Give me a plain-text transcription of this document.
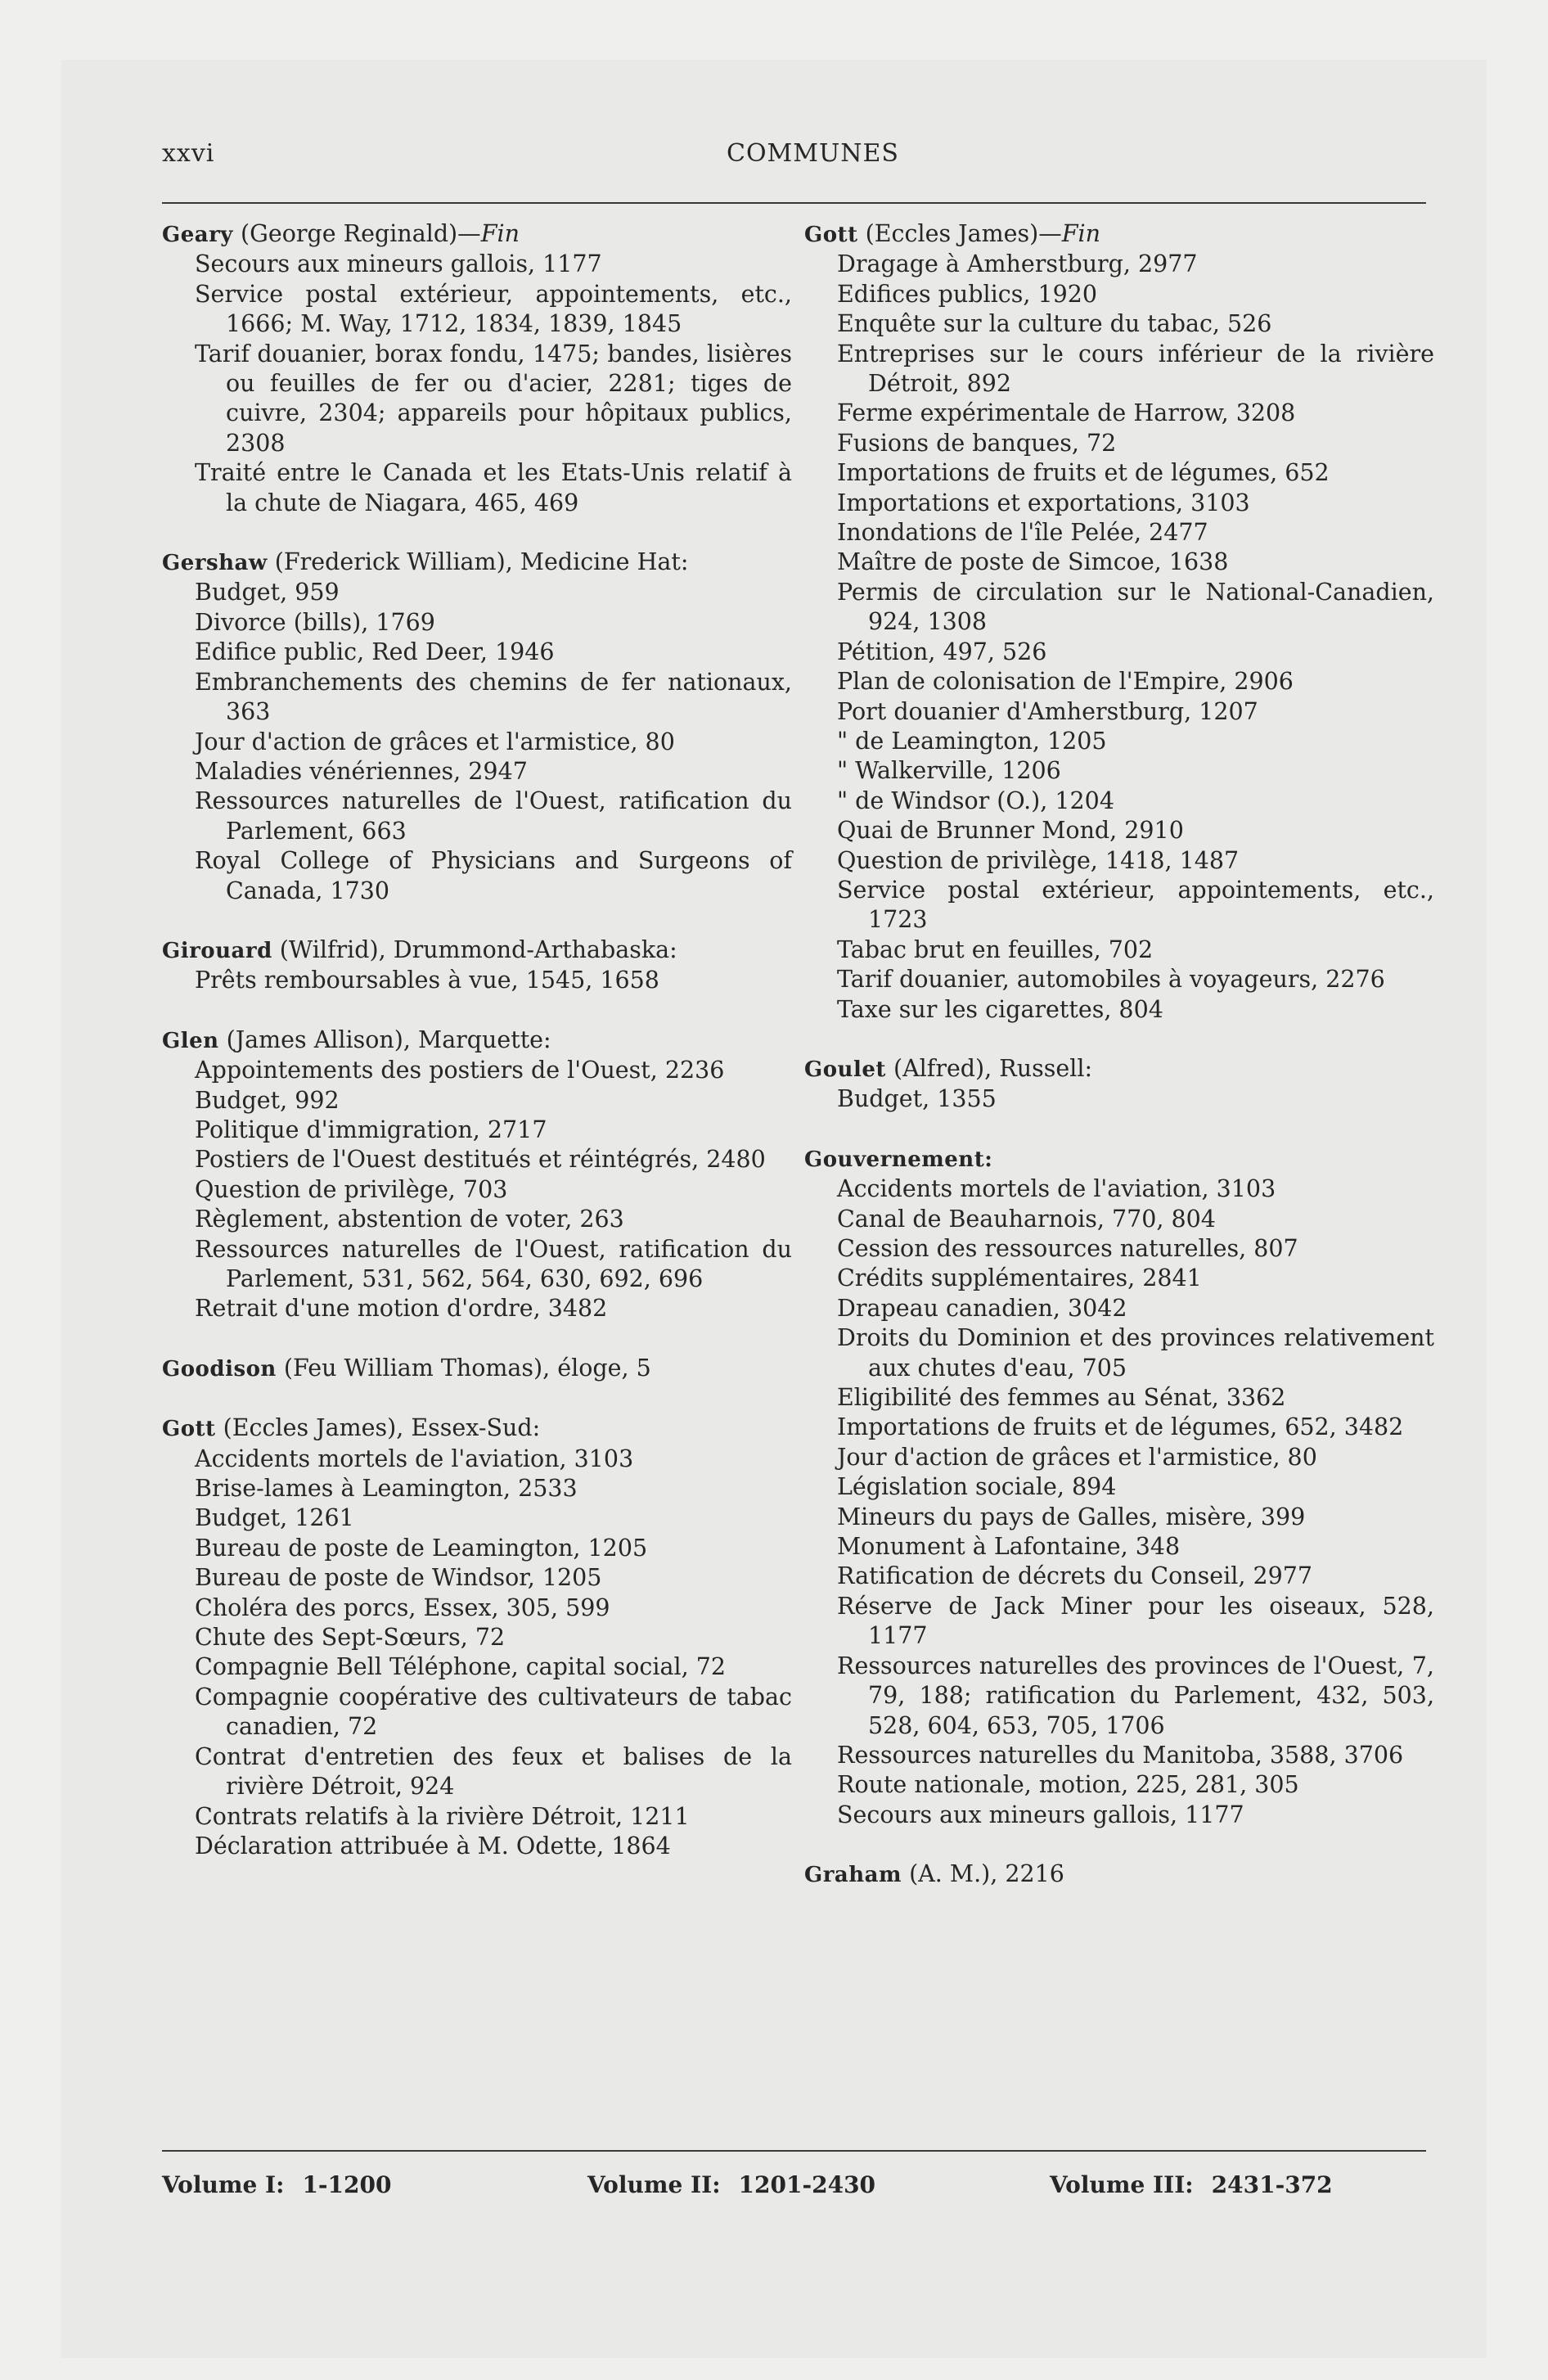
xxvi	COMMUNES
Geary (George Reginald)—Fin
Secours aux mineurs gallois, 1177
Service postal extérieur, appointements, etc., 1666; M. Way, 1712, 1834, 1839, 1845
Tarif douanier, borax fondu, 1475; bandes, lisières ou feuilles de fer ou d'acier, 2281; tiges de cuivre, 2304; appareils pour hôpitaux publics, 2308
Traité entre le Canada et les Etats-Unis relatif à la chute de Niagara, 465, 469
Gershaw (Frederick William), Medicine Hat:
Budget, 959
Divorce (bills), 1769
Edifice public, Red Deer, 1946
Embranchements des chemins de fer nationaux, 363
Jour d'action de grâces et l'armistice, 80
Maladies vénériennes, 2947
Ressources naturelles de l'Ouest, ratification du Parlement, 663
Royal College of Physicians and Surgeons of Canada, 1730
Girouard (Wilfrid), Drummond-Arthabaska:
Prêts remboursables à vue, 1545, 1658
Glen (James Allison), Marquette:
Appointements des postiers de l'Ouest, 2236
Budget, 992
Politique d'immigration, 2717
Postiers de l'Ouest destitués et réintégrés, 2480
Question de privilège, 703
Règlement, abstention de voter, 263
Ressources naturelles de l'Ouest, ratification du Parlement, 531, 562, 564, 630, 692, 696
Retrait d'une motion d'ordre, 3482
Goodison (Feu William Thomas), éloge, 5
Gott (Eccles James), Essex-Sud:
Accidents mortels de l'aviation, 3103
Brise-lames à Leamington, 2533
Budget, 1261
Bureau de poste de Leamington, 1205
Bureau de poste de Windsor, 1205
Choléra des porcs, Essex, 305, 599
Chute des Sept-Sœurs, 72
Compagnie Bell Téléphone, capital social, 72
Compagnie coopérative des cultivateurs de tabac canadien, 72
Contrat d'entretien des feux et balises de la rivière Détroit, 924
Contrats relatifs à la rivière Détroit, 1211
Déclaration attribuée à M. Odette, 1864
Gott (Eccles James)—Fin
Dragage à Amherstburg, 2977
Edifices publics, 1920
Enquête sur la culture du tabac, 526
Entreprises sur le cours inférieur de la rivière Détroit, 892
Ferme expérimentale de Harrow, 3208
Fusions de banques, 72
Importations de fruits et de légumes, 652
Importations et exportations, 3103
Inondations de l'île Pelée, 2477
Maître de poste de Simcoe, 1638
Permis de circulation sur le National-Canadien, 924, 1308
Pétition, 497, 526
Plan de colonisation de l'Empire, 2906
Port douanier d'Amherstburg, 1207
" de Leamington, 1205
" Walkerville, 1206
" de Windsor (O.), 1204
Quai de Brunner Mond, 2910
Question de privilège, 1418, 1487
Service postal extérieur, appointements, etc., 1723
Tabac brut en feuilles, 702
Tarif douanier, automobiles à voyageurs, 2276
Taxe sur les cigarettes, 804
Goulet (Alfred), Russell:
Budget, 1355
Gouvernement:
Accidents mortels de l'aviation, 3103
Canal de Beauharnois, 770, 804
Cession des ressources naturelles, 807
Crédits supplémentaires, 2841
Drapeau canadien, 3042
Droits du Dominion et des provinces relativement aux chutes d'eau, 705
Eligibilité des femmes au Sénat, 3362
Importations de fruits et de légumes, 652, 3482
Jour d'action de grâces et l'armistice, 80
Législation sociale, 894
Mineurs du pays de Galles, misère, 399
Monument à Lafontaine, 348
Ratification de décrets du Conseil, 2977
Réserve de Jack Miner pour les oiseaux, 528, 1177
Ressources naturelles des provinces de l'Ouest, 7, 79, 188; ratification du Parlement, 432, 503, 528, 604, 653, 705, 1706
Ressources naturelles du Manitoba, 3588, 3706
Route nationale, motion, 225, 281, 305
Secours aux mineurs gallois, 1177
Graham (A. M.), 2216
Volume I: 1-1200	Volume II: 1201-2430	Volume III: 2431-372
